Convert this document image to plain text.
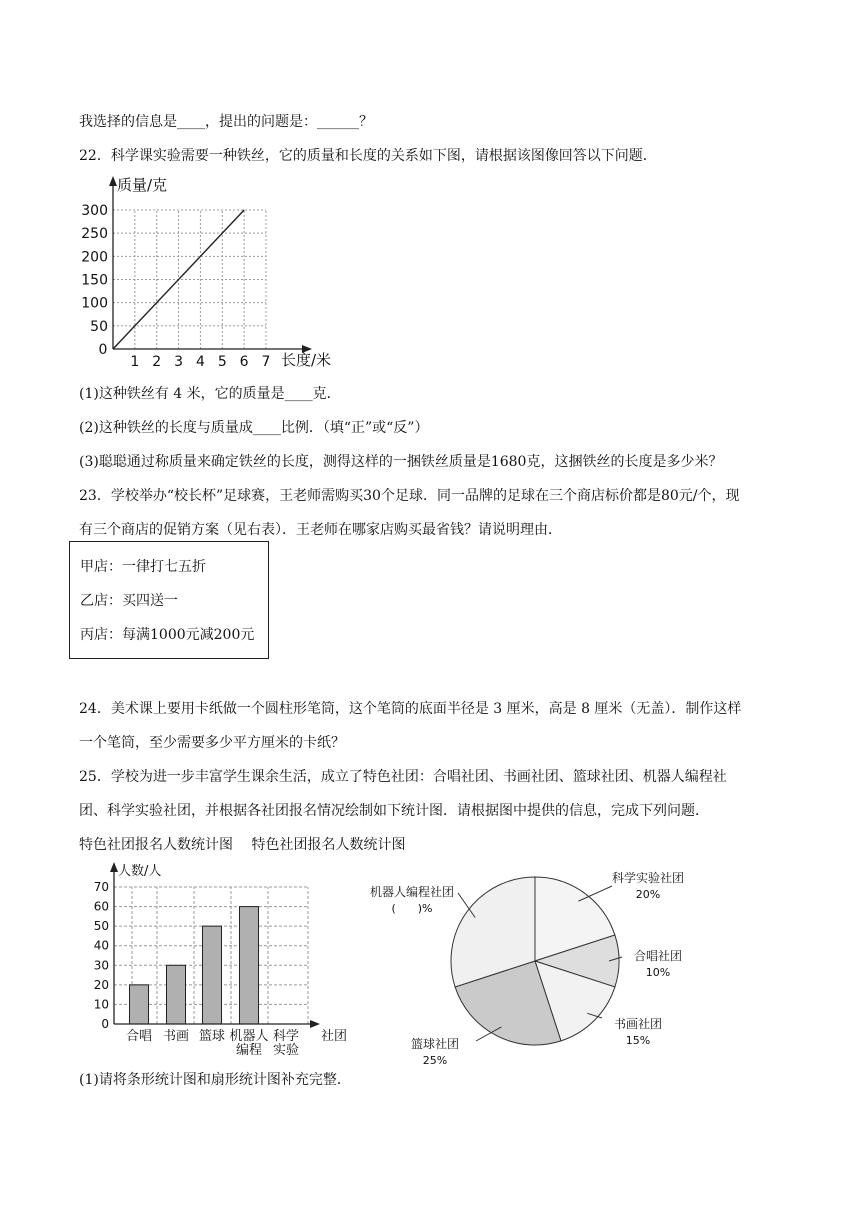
我选择的信息是____，提出的问题是：______？
22．科学课实验需要一种铁丝，它的质量和长度的关系如下图，请根据该图像回答以下问题．
质量/克
长度/米
50
100
150
200
250
300
0
1 2 3 4 5 6 7
(1)这种铁丝有 4 米，它的质量是____克．
(2)这种铁丝的长度与质量成____比例．（填“正”或“反”）
(3)聪聪通过称质量来确定铁丝的长度，测得这样的一捆铁丝质量是1680克，这捆铁丝的长度是多少米？
23．学校举办“校长杯”足球赛，王老师需购买30个足球．同一品牌的足球在三个商店标价都是80元/个，现
有三个商店的促销方案（见右表）．王老师在哪家店购买最省钱？请说明理由．
甲店：一律打七五折
乙店：买四送一
丙店：每满1000元减200元
24．美术课上要用卡纸做一个圆柱形笔筒，这个笔筒的底面半径是 3 厘米，高是 8 厘米（无盖）．制作这样
一个笔筒，至少需要多少平方厘米的卡纸？
25．学校为进一步丰富学生课余生活，成立了特色社团：合唱社团、书画社团、篮球社团、机器人编程社
团、科学实验社团，并根据各社团报名情况绘制如下统计图．请根据图中提供的信息，完成下列问题．
特色社团报名人数统计图　 特色社团报名人数统计图
人数/人
社团
0
10
20
30
40
50
60
70
合唱 书画 篮球 机器人
编程
科学
实验
科学实验社团
20%
合唱社团
10%
书画社团
15%
篮球社团
25%
机器人编程社团
(　　)%
(1)请将条形统计图和扇形统计图补充完整．
